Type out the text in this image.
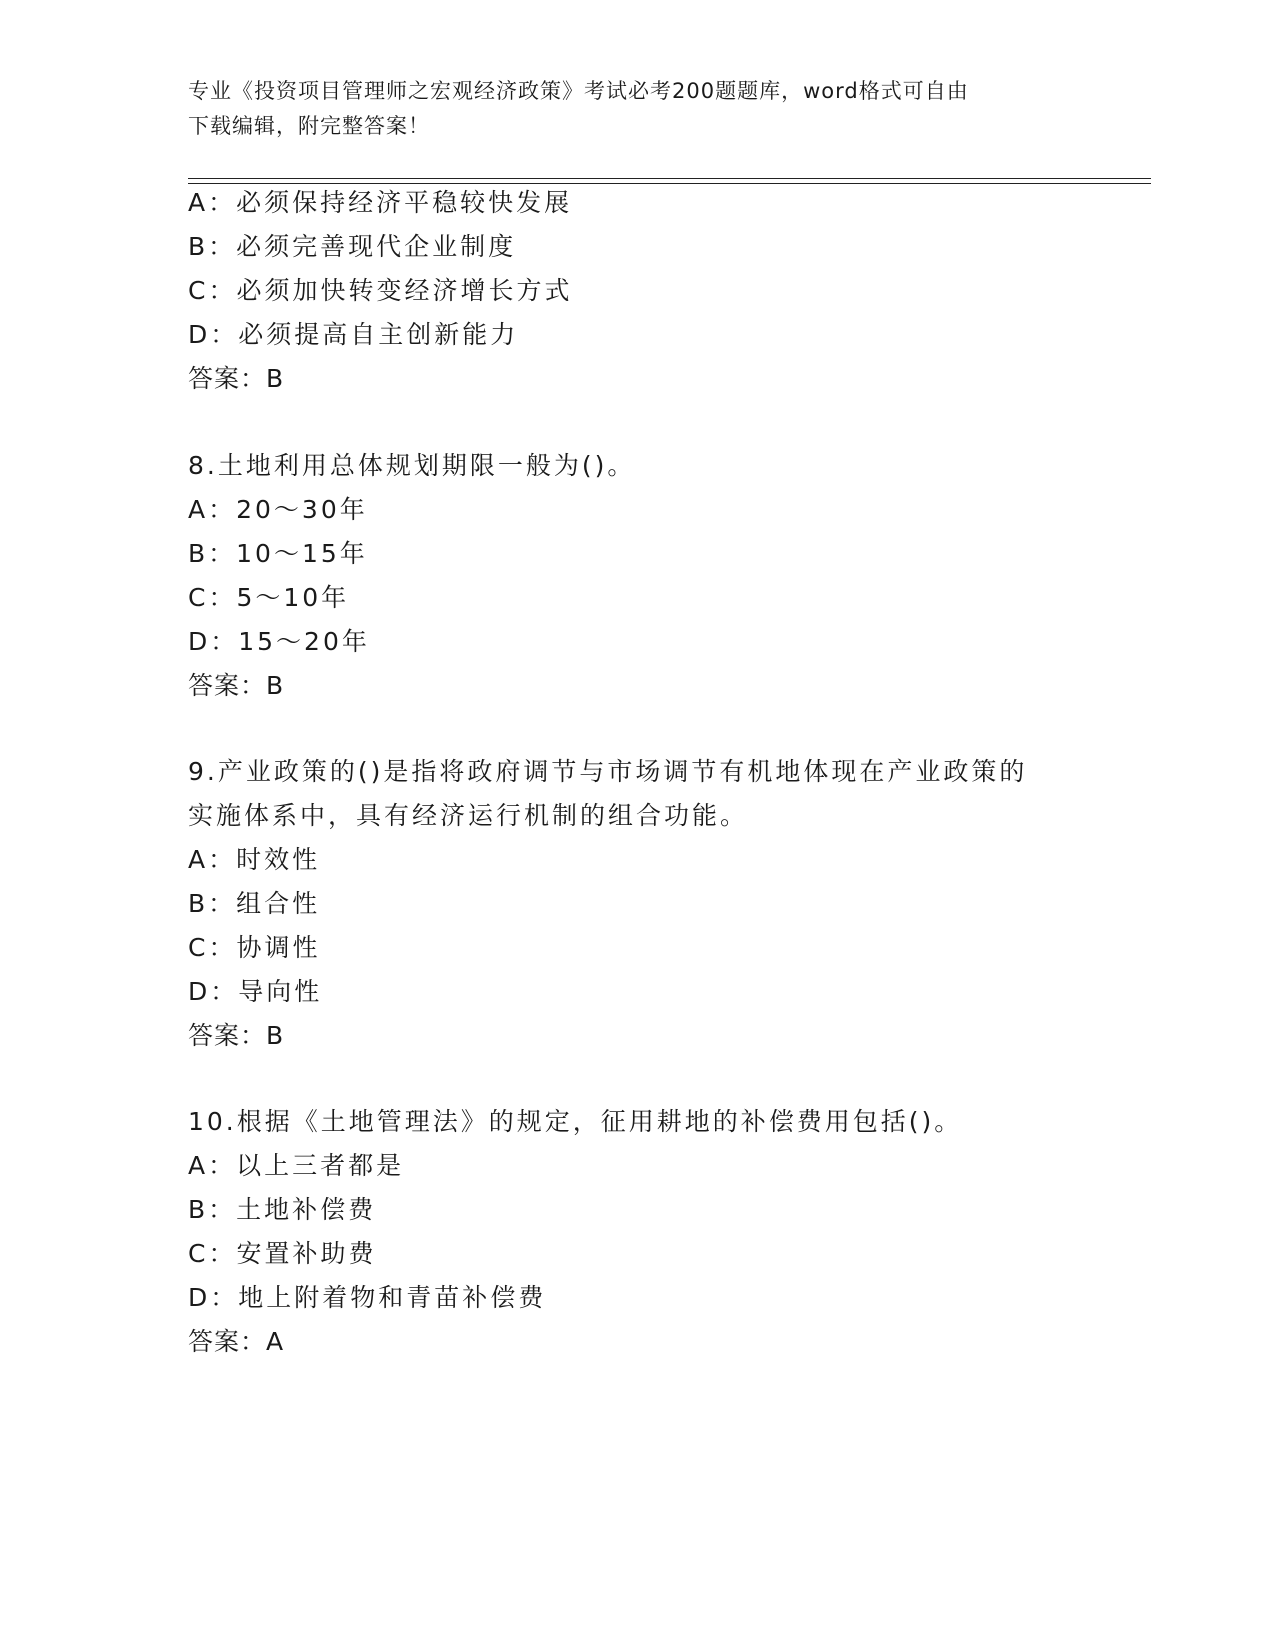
专业《投资项目管理师之宏观经济政策》考试必考200题题库，word格式可自由
下载编辑，附完整答案！
A：必须保持经济平稳较快发展
B：必须完善现代企业制度
C：必须加快转变经济增长方式
D：必须提高自主创新能力
答案：B
8.土地利用总体规划期限一般为()。
A：20～30年
B：10～15年
C：5～10年
D：15～20年
答案：B
9.产业政策的()是指将政府调节与市场调节有机地体现在产业政策的
实施体系中，具有经济运行机制的组合功能。
A：时效性
B：组合性
C：协调性
D：导向性
答案：B
10.根据《土地管理法》的规定，征用耕地的补偿费用包括()。
A：以上三者都是
B：土地补偿费
C：安置补助费
D：地上附着物和青苗补偿费
答案：A
